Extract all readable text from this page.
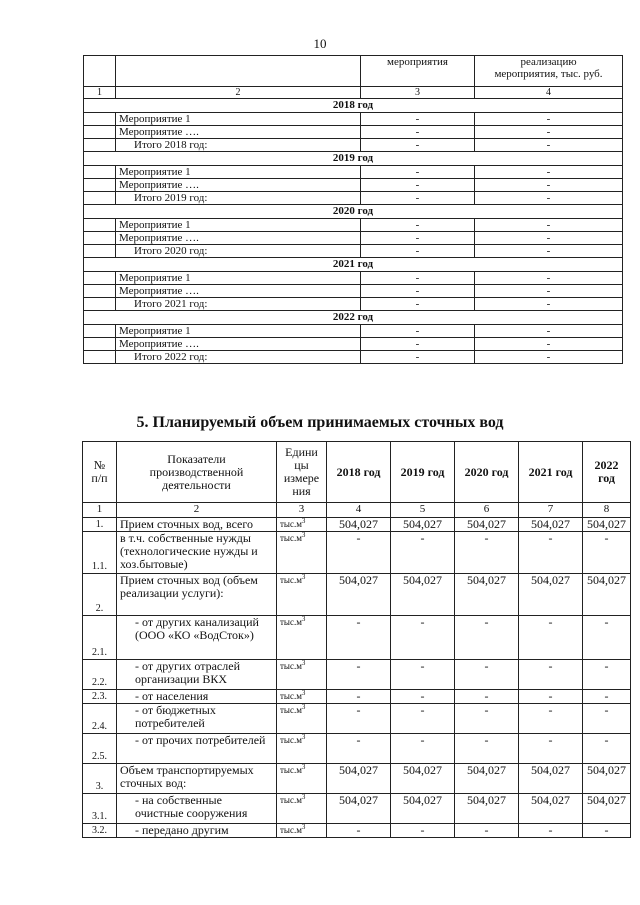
10
		мероприятия	реализацию
мероприятия, тыс. руб.
1	2	3	4
2018 год			
	Мероприятие 1	-	-
	Мероприятие ….	-	-
	Итого 2018 год:	-	-
2019 год			
	Мероприятие 1	-	-
	Мероприятие ….	-	-
	Итого 2019 год:	-	-
2020 год			
	Мероприятие 1	-	-
	Мероприятие ….	-	-
	Итого 2020 год:	-	-
2021 год			
	Мероприятие 1	-	-
	Мероприятие ….	-	-
	Итого 2021 год:	-	-
2022 год			
	Мероприятие 1	-	-
	Мероприятие ….	-	-
	Итого 2022 год:	-	-
5. Планируемый объем принимаемых сточных вод
№
п/п	Показатели
производственной
деятельности	Едини
цы
измере
ния	2018 год	2019 год	2020 год	2021 год	2022
год
1	2	3	4	5	6	7	8
1.	Прием сточных вод, всего	$тыс.м^3$	504,027	504,027	504,027	504,027	504,027
1.1.	в т.ч. собственные нужды (технологические нужды и хоз.бытовые)	$тыс.м^3$	-	-	-	-	-
2.	Прием сточных вод (объем реализации услуги):	$тыс.м^3$	504,027	504,027	504,027	504,027	504,027
2.1.	- от других канализаций (ООО «КО «ВодСток»)	$тыс.м^3$	-	-	-	-	-
2.2.	- от других отраслей организации ВКХ	$тыс.м^3$	-	-	-	-	-
2.3.	- от населения	$тыс.м^3$	-	-	-	-	-
2.4.	- от бюджетных потребителей	$тыс.м^3$	-	-	-	-	-
2.5.	- от прочих потребителей	$тыс.м^3$	-	-	-	-	-
3.	Объем транспортируемых сточных вод:	$тыс.м^3$	504,027	504,027	504,027	504,027	504,027
3.1.	- на собственные очистные сооружения	$тыс.м^3$	504,027	504,027	504,027	504,027	504,027
3.2.	- передано другим	$тыс.м^3$	-	-	-	-	-
